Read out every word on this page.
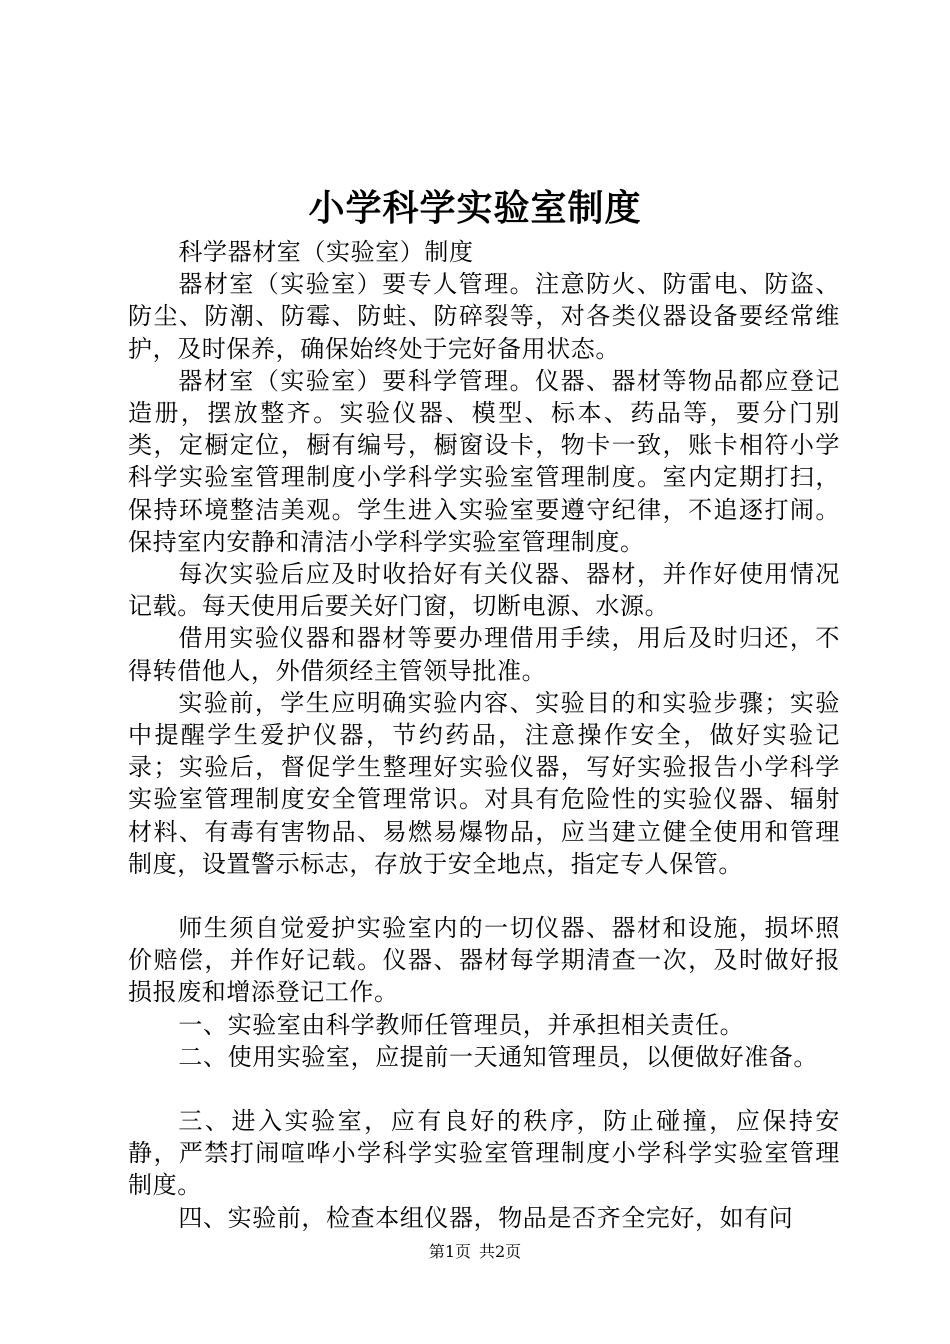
小学科学实验室制度

科学器材室（实验室）制度

器材室（实验室）要专人管理。注意防火、防雷电、防盗、防尘、防潮、防霉、防蛀、防碎裂等，对各类仪器设备要经常维护，及时保养，确保始终处于完好备用状态。

器材室（实验室）要科学管理。仪器、器材等物品都应登记造册，摆放整齐。实验仪器、模型、标本、药品等，要分门别类，定橱定位，橱有编号，橱窗设卡，物卡一致，账卡相符小学科学实验室管理制度小学科学实验室管理制度。室内定期打扫，保持环境整洁美观。学生进入实验室要遵守纪律，不追逐打闹。保持室内安静和清洁小学科学实验室管理制度。

每次实验后应及时收拾好有关仪器、器材，并作好使用情况记载。每天使用后要关好门窗，切断电源、水源。

借用实验仪器和器材等要办理借用手续，用后及时归还，不得转借他人，外借须经主管领导批准。

实验前，学生应明确实验内容、实验目的和实验步骤；实验中提醒学生爱护仪器，节约药品，注意操作安全，做好实验记录；实验后，督促学生整理好实验仪器，写好实验报告小学科学实验室管理制度安全管理常识。对具有危险性的实验仪器、辐射材料、有毒有害物品、易燃易爆物品，应当建立健全使用和管理制度，设置警示标志，存放于安全地点，指定专人保管。

师生须自觉爱护实验室内的一切仪器、器材和设施，损坏照价赔偿，并作好记载。仪器、器材每学期清查一次，及时做好报损报废和增添登记工作。

一、实验室由科学教师任管理员，并承担相关责任。

二、使用实验室，应提前一天通知管理员，以便做好准备。

三、进入实验室，应有良好的秩序，防止碰撞，应保持安静，严禁打闹喧哗小学科学实验室管理制度小学科学实验室管理制度。

四、实验前，检查本组仪器，物品是否齐全完好，如有问

第1页 共2页
